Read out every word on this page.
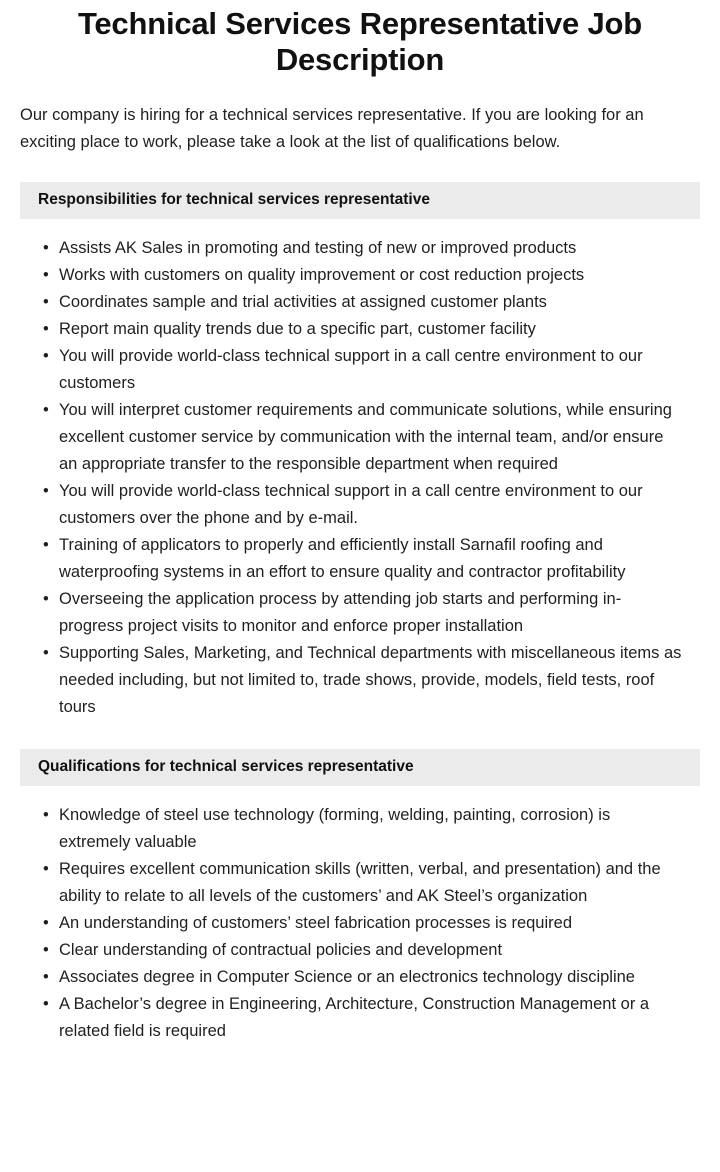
Technical Services Representative Job Description

Our company is hiring for a technical services representative. If you are looking for an exciting place to work, please take a look at the list of qualifications below.

Responsibilities for technical services representative
• Assists AK Sales in promoting and testing of new or improved products
• Works with customers on quality improvement or cost reduction projects
• Coordinates sample and trial activities at assigned customer plants
• Report main quality trends due to a specific part, customer facility
• You will provide world-class technical support in a call centre environment to our customers
• You will interpret customer requirements and communicate solutions, while ensuring excellent customer service by communication with the internal team, and/or ensure an appropriate transfer to the responsible department when required
• You will provide world-class technical support in a call centre environment to our customers over the phone and by e-mail.
• Training of applicators to properly and efficiently install Sarnafil roofing and waterproofing systems in an effort to ensure quality and contractor profitability
• Overseeing the application process by attending job starts and performing in-progress project visits to monitor and enforce proper installation
• Supporting Sales, Marketing, and Technical departments with miscellaneous items as needed including, but not limited to, trade shows, provide, models, field tests, roof tours
Qualifications for technical services representative
• Knowledge of steel use technology (forming, welding, painting, corrosion) is extremely valuable
• Requires excellent communication skills (written, verbal, and presentation) and the ability to relate to all levels of the customers’ and AK Steel’s organization
• An understanding of customers’ steel fabrication processes is required
• Clear understanding of contractual policies and development
• Associates degree in Computer Science or an electronics technology discipline
• A Bachelor’s degree in Engineering, Architecture, Construction Management or a related field is required
